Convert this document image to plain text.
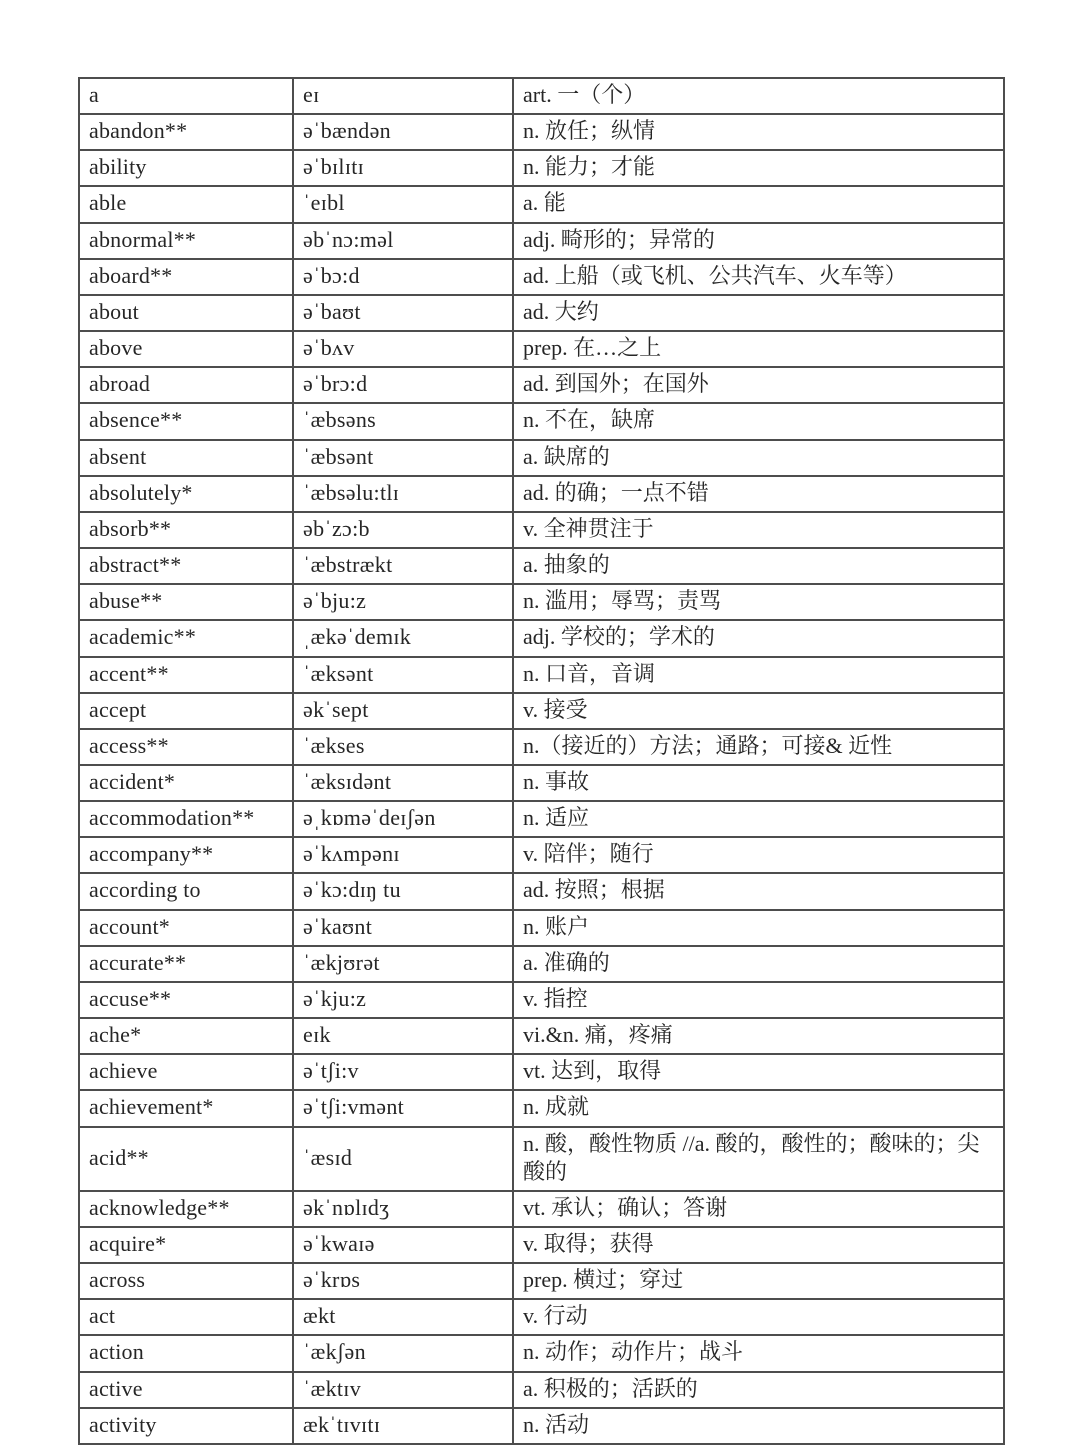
a	eɪ	art. 一（个）
abandon**	əˈbændən	n. 放任；纵情
ability	əˈbɪlɪtɪ	n. 能力；才能
able	ˈeɪbl	a. 能
abnormal**	əbˈnɔ:məl	adj. 畸形的；异常的
aboard**	əˈbɔ:d	ad. 上船（或飞机、公共汽车、火车等）
about	əˈbaʊt	ad. 大约
above	əˈbʌv	prep. 在…之上
abroad	əˈbrɔ:d	ad. 到国外；在国外
absence**	ˈæbsəns	n. 不在，缺席
absent	ˈæbsənt	a. 缺席的
absolutely*	ˈæbsəlu:tlɪ	ad. 的确；一点不错
absorb**	əbˈzɔ:b	v. 全神贯注于
abstract**	ˈæbstrækt	a. 抽象的
abuse**	əˈbju:z	n. 滥用；辱骂；责骂
academic**	ˌækəˈdemɪk	adj. 学校的；学术的
accent**	ˈæksənt	n. 口音，音调
accept	əkˈsept	v. 接受
access**	ˈækses	n.（接近的）方法；通路；可接& 近性
accident*	ˈæksɪdənt	n. 事故
accommodation**	əˌkɒməˈdeɪʃən	n. 适应
accompany**	əˈkʌmpənɪ	v. 陪伴；随行
according to	əˈkɔ:dɪŋ tu	ad. 按照；根据
account*	əˈkaʊnt	n. 账户
accurate**	ˈækjʊrət	a. 准确的
accuse**	əˈkju:z	v. 指控
ache*	eɪk	vi.&n. 痛，疼痛
achieve	əˈtʃi:v	vt. 达到，取得
achievement*	əˈtʃi:vmənt	n. 成就
acid**	ˈæsɪd	n. 酸，酸性物质 //a. 酸的，酸性的；酸味的；尖酸的
acknowledge**	əkˈnɒlɪdʒ	vt. 承认；确认；答谢
acquire*	əˈkwaɪə	v. 取得；获得
across	əˈkrɒs	prep. 横过；穿过
act	ækt	v. 行动
action	ˈækʃən	n. 动作；动作片；战斗
active	ˈæktɪv	a. 积极的；活跃的
activity	ækˈtɪvɪtɪ	n. 活动
